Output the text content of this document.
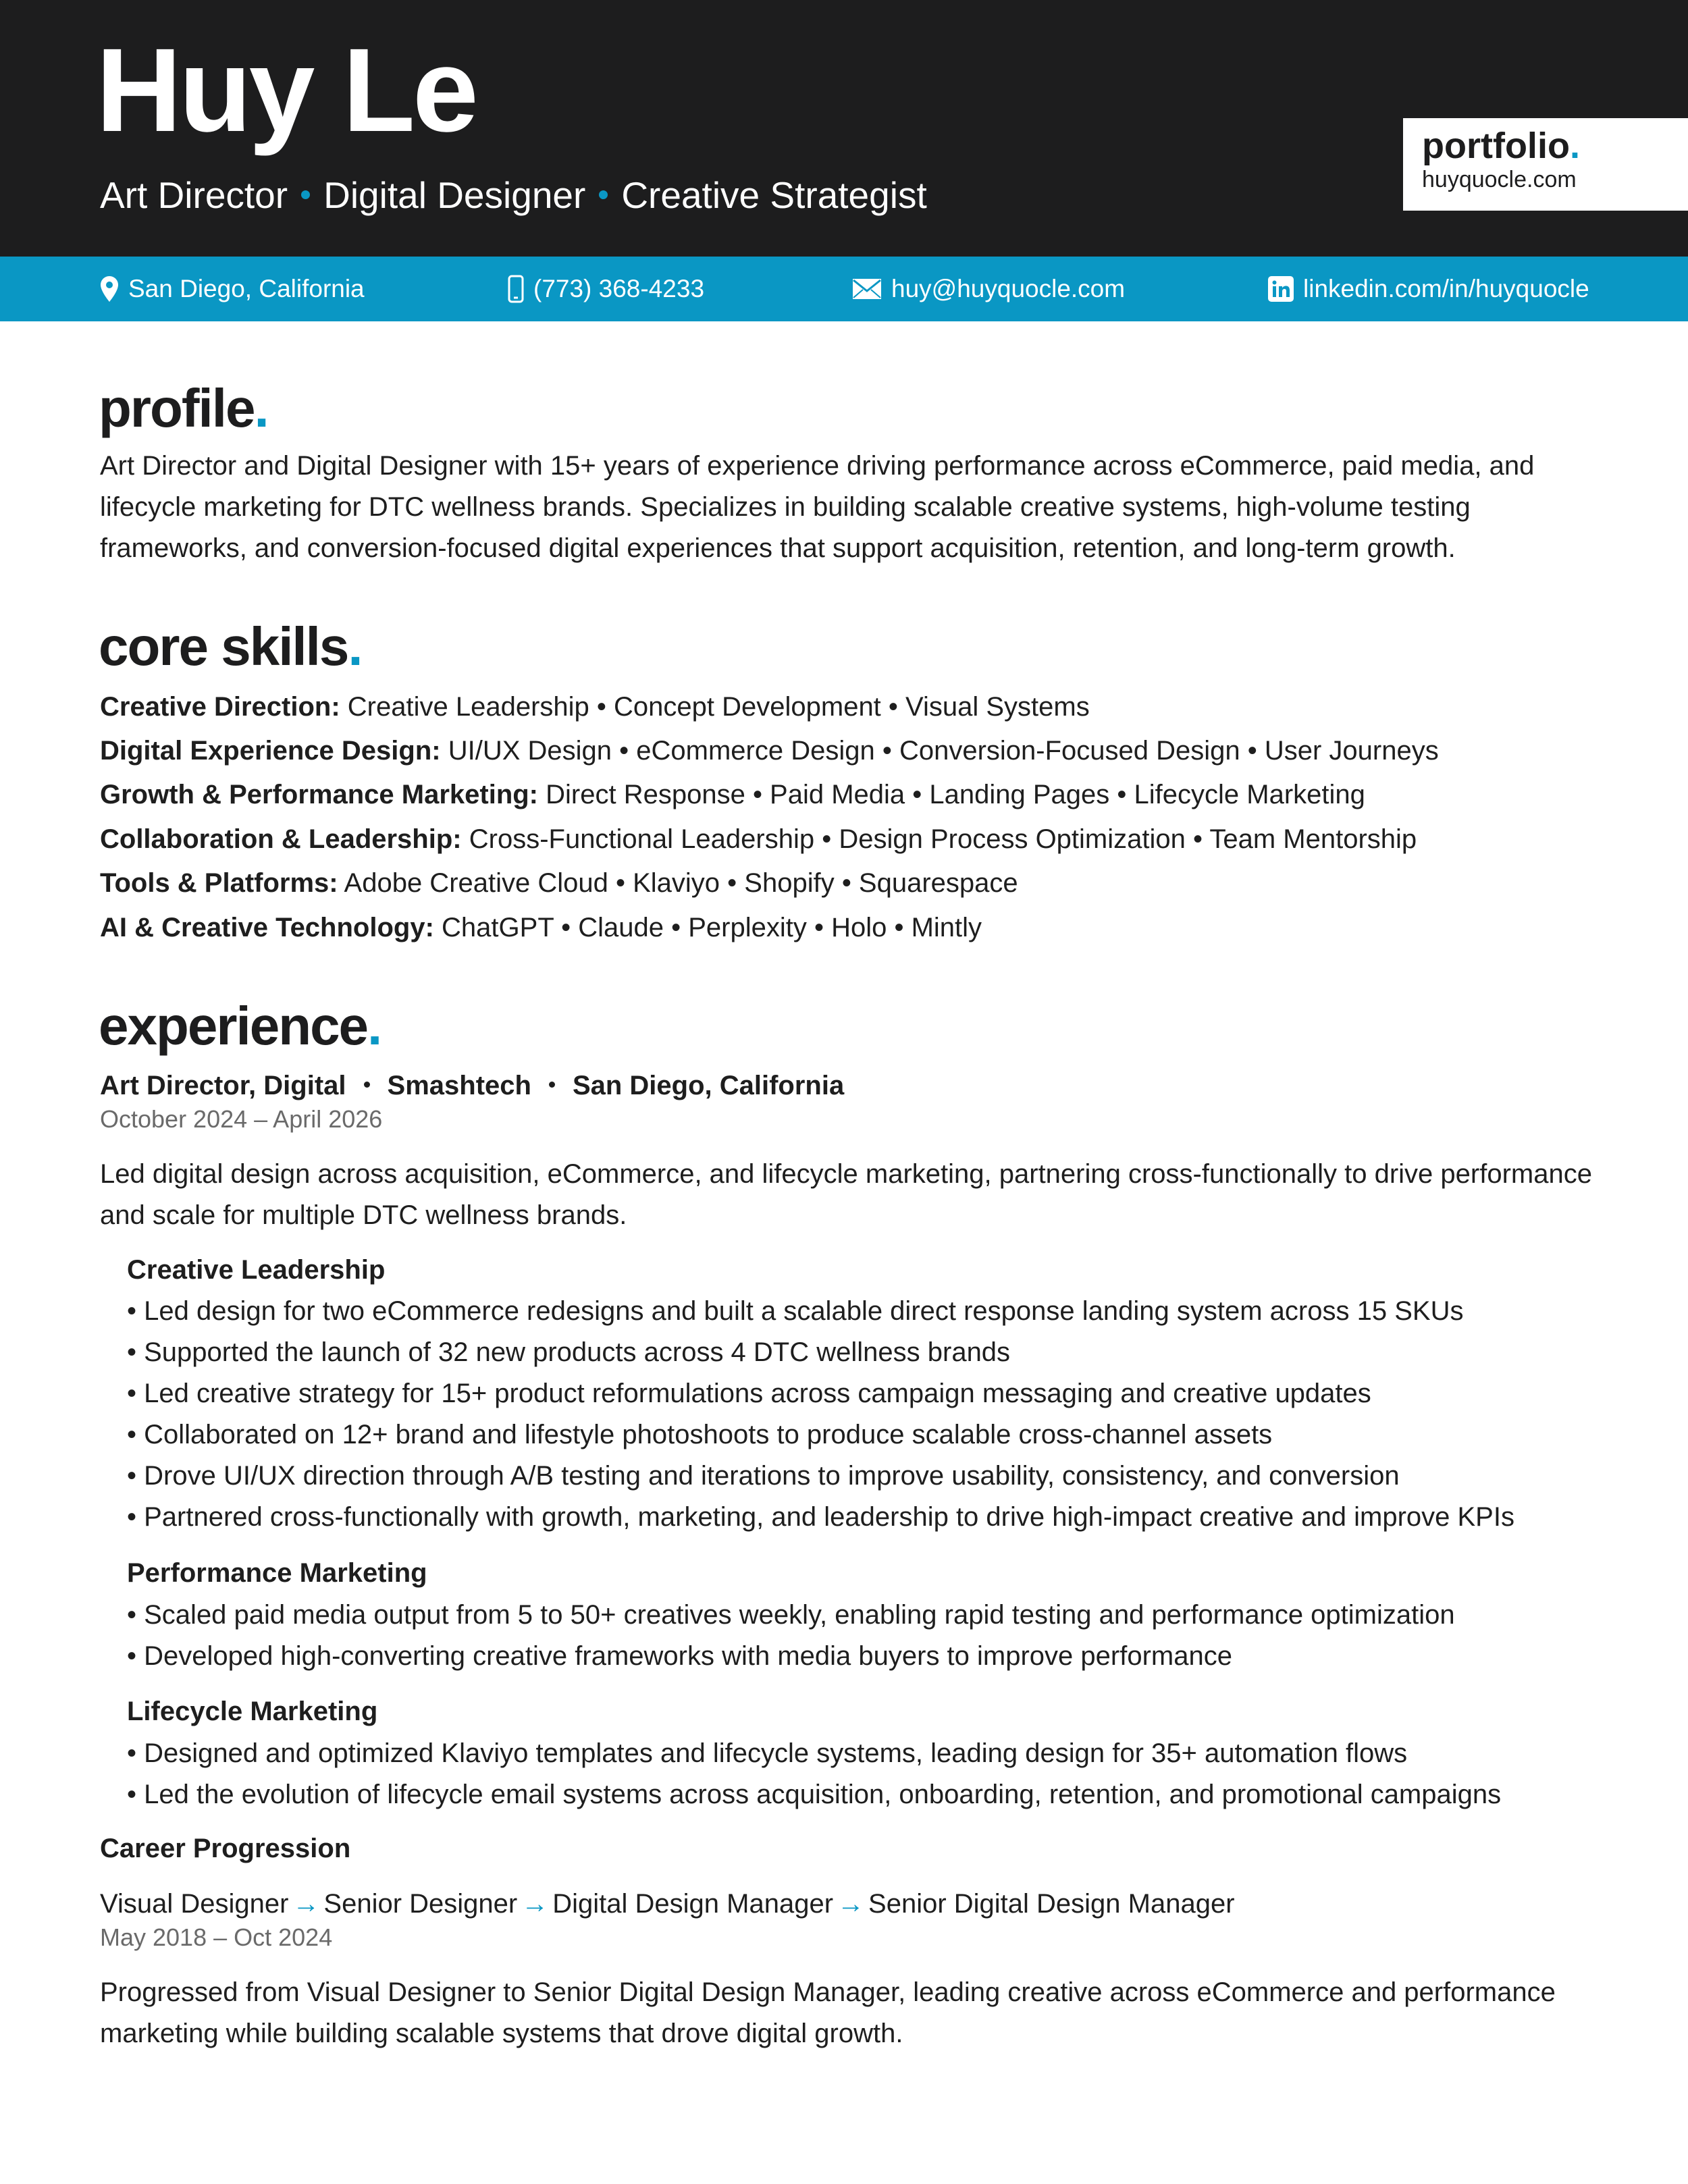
Huy Le
Art Director Digital Designer Creative Strategist
portfolio.
huyquocle.com
San Diego, California	(773) 368-4233	huy@huyquocle.com	linkedin.com/in/huyquocle
profile.
Art Director and Digital Designer with 15+ years of experience driving performance across eCommerce, paid media, and lifecycle marketing for DTC wellness brands. Specializes in building scalable creative systems, high-volume testing frameworks, and conversion-focused digital experiences that support acquisition, retention, and long-term growth.
core skills.
Creative Direction: Creative Leadership • Concept Development • Visual Systems
Digital Experience Design: UI/UX Design • eCommerce Design • Conversion-Focused Design • User Journeys
Growth & Performance Marketing: Direct Response • Paid Media • Landing Pages • Lifecycle Marketing
Collaboration & Leadership: Cross-Functional Leadership • Design Process Optimization • Team Mentorship
Tools & Platforms: Adobe Creative Cloud • Klaviyo • Shopify • Squarespace
AI & Creative Technology: ChatGPT • Claude • Perplexity • Holo • Mintly
experience.
Art Director, Digital Smashtech San Diego, California
October 2024 – April 2026
Led digital design across acquisition, eCommerce, and lifecycle marketing, partnering cross-functionally to drive performance and scale for multiple DTC wellness brands.
Creative Leadership
• Led design for two eCommerce redesigns and built a scalable direct response landing system across 15 SKUs
• Supported the launch of 32 new products across 4 DTC wellness brands
• Led creative strategy for 15+ product reformulations across campaign messaging and creative updates
• Collaborated on 12+ brand and lifestyle photoshoots to produce scalable cross-channel assets
• Drove UI/UX direction through A/B testing and iterations to improve usability, consistency, and conversion
• Partnered cross-functionally with growth, marketing, and leadership to drive high-impact creative and improve KPIs
Performance Marketing
• Scaled paid media output from 5 to 50+ creatives weekly, enabling rapid testing and performance optimization
• Developed high-converting creative frameworks with media buyers to improve performance
Lifecycle Marketing
• Designed and optimized Klaviyo templates and lifecycle systems, leading design for 35+ automation flows
• Led the evolution of lifecycle email systems across acquisition, onboarding, retention, and promotional campaigns
Career Progression
Visual Designer → Senior Designer → Digital Design Manager → Senior Digital Design Manager
May 2018 – Oct 2024
Progressed from Visual Designer to Senior Digital Design Manager, leading creative across eCommerce and performance marketing while building scalable systems that drove digital growth.
